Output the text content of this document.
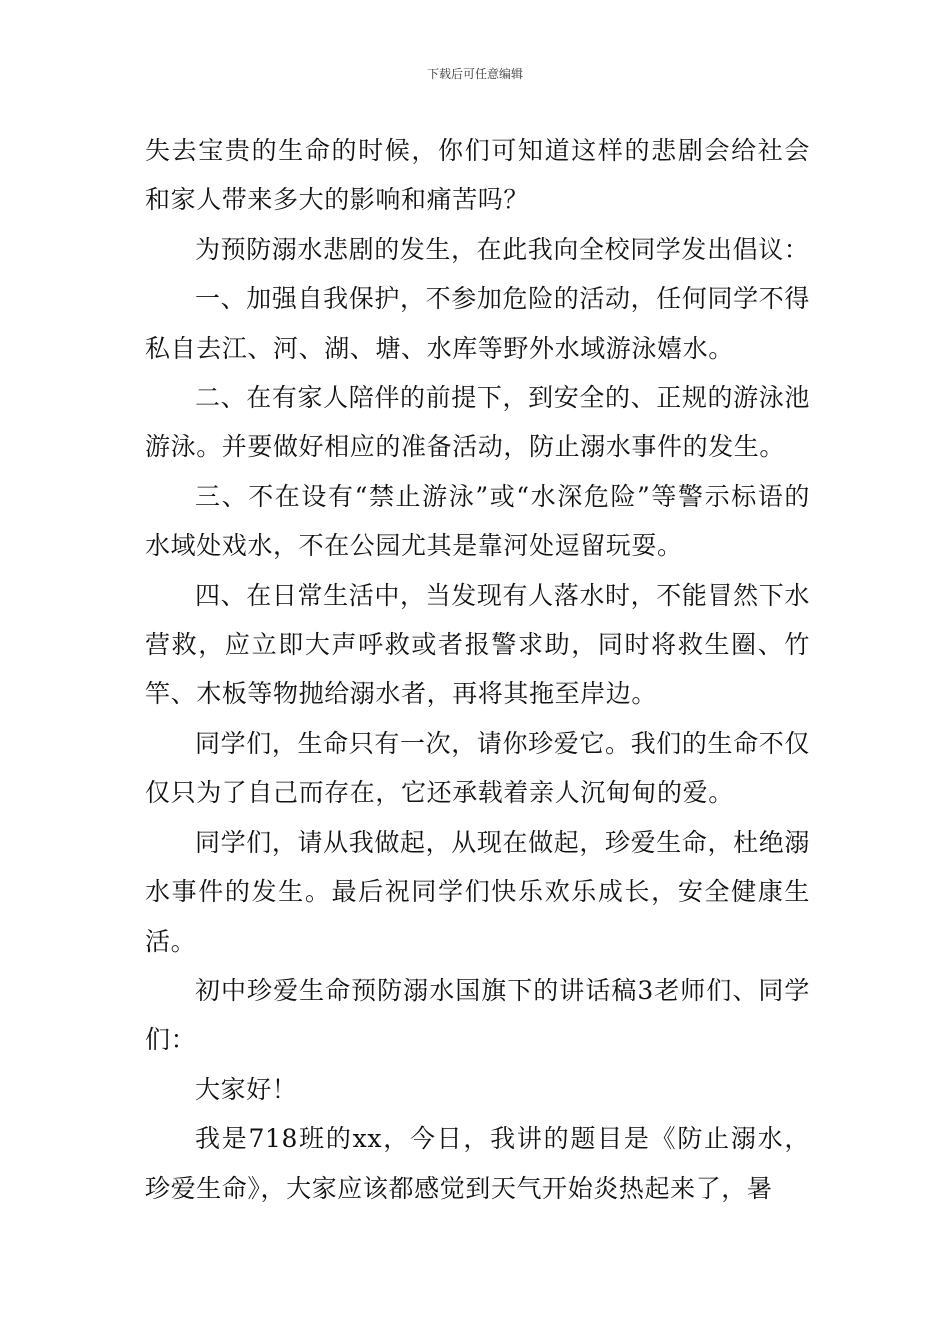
下载后可任意编辑

失去宝贵的生命的时候，你们可知道这样的悲剧会给社会和家人带来多大的影响和痛苦吗？

为预防溺水悲剧的发生，在此我向全校同学发出倡议：

一、加强自我保护，不参加危险的活动，任何同学不得私自去江、河、湖、塘、水库等野外水域游泳嬉水。

二、在有家人陪伴的前提下，到安全的、正规的游泳池游泳。并要做好相应的准备活动，防止溺水事件的发生。

三、不在设有“禁止游泳”或“水深危险”等警示标语的水域处戏水，不在公园尤其是靠河处逗留玩耍。

四、在日常生活中，当发现有人落水时，不能冒然下水营救，应立即大声呼救或者报警求助，同时将救生圈、竹竿、木板等物抛给溺水者，再将其拖至岸边。

同学们，生命只有一次，请你珍爱它。我们的生命不仅仅只为了自己而存在，它还承载着亲人沉甸甸的爱。

同学们，请从我做起，从现在做起，珍爱生命，杜绝溺水事件的发生。最后祝同学们快乐欢乐成长，安全健康生活。

初中珍爱生命预防溺水国旗下的讲话稿3老师们、同学们：

大家好！

我是718班的xx，今日，我讲的题目是《防止溺水，珍爱生命》，大家应该都感觉到天气开始炎热起来了，暑
